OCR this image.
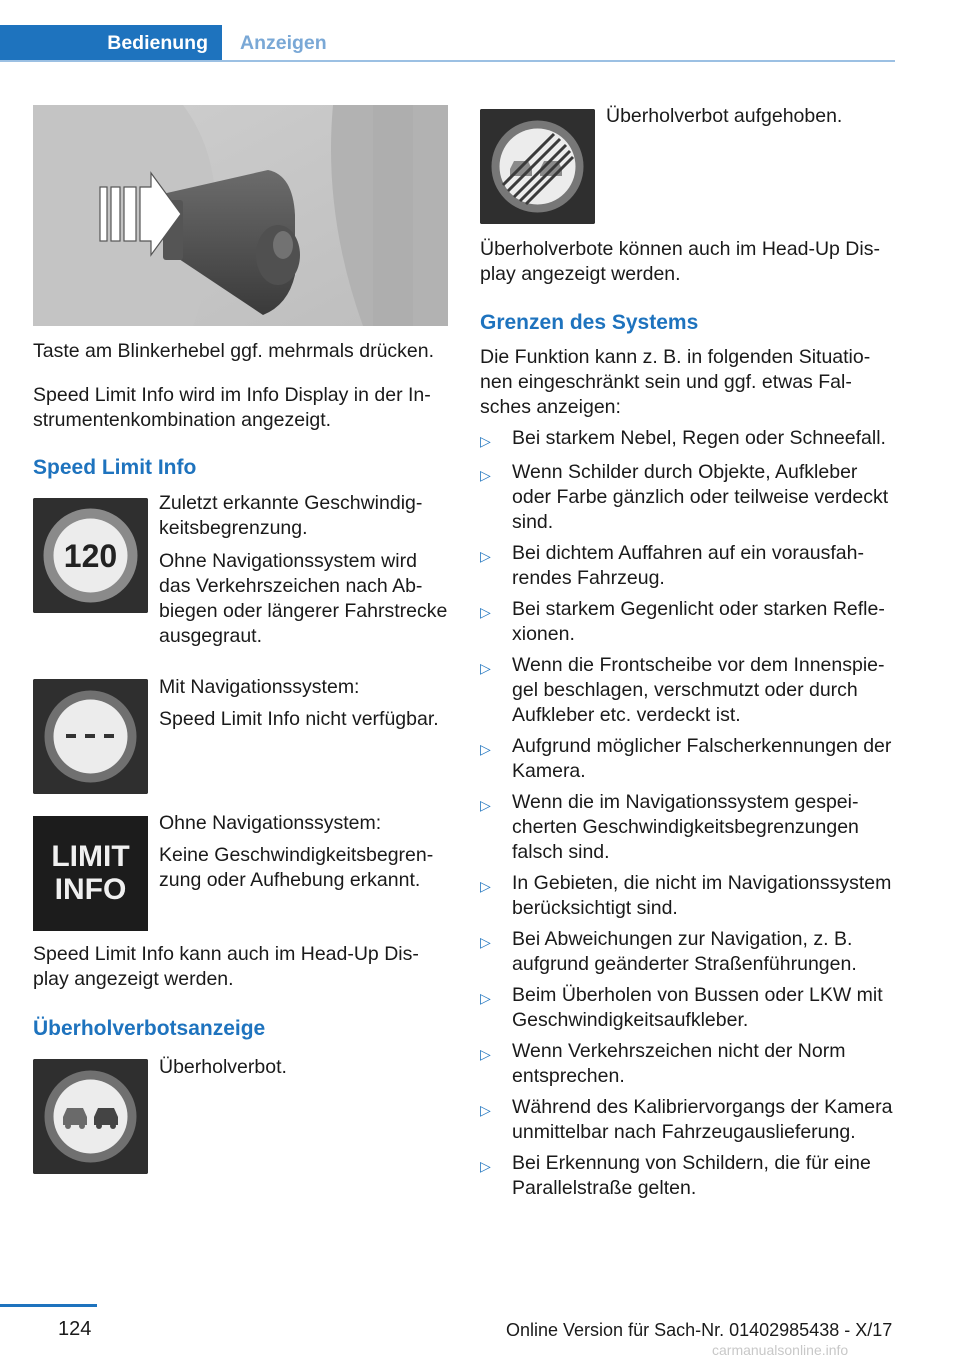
Bedienung	Anzeigen
Taste am Blinkerhebel ggf. mehrmals drücken.
Speed Limit Info wird im Info Display in der Instrumentenkombination angezeigt.
Speed Limit Info
120
Zuletzt erkannte Geschwindigkeitsbegrenzung.
Ohne Navigationssystem wird das Verkehrszeichen nach Abbiegen oder längerer Fahrstrecke ausgegraut.
Mit Navigationssystem:
Speed Limit Info nicht verfügbar.
LIMIT
INFO
Ohne Navigationssystem:
Keine Geschwindigkeitsbegrenzung oder Aufhebung erkannt.
Speed Limit Info kann auch im Head-Up Display angezeigt werden.
Überholverbotsanzeige
Überholverbot.
Überholverbot aufgehoben.
Überholverbote können auch im Head-Up Display angezeigt werden.
Grenzen des Systems
Die Funktion kann z. B. in folgenden Situationen eingeschränkt sein und ggf. etwas Falsches anzeigen:
▷	Bei starkem Nebel, Regen oder Schneefall.
▷	Wenn Schilder durch Objekte, Aufkleber oder Farbe gänzlich oder teilweise verdeckt sind.
▷	Bei dichtem Auffahren auf ein vorausfahrendes Fahrzeug.
▷	Bei starkem Gegenlicht oder starken Reflexionen.
▷	Wenn die Frontscheibe vor dem Innenspiegel beschlagen, verschmutzt oder durch Aufkleber etc. verdeckt ist.
▷	Aufgrund möglicher Falscherkennungen der Kamera.
▷	Wenn die im Navigationssystem gespeicherten Geschwindigkeitsbegrenzungen falsch sind.
▷	In Gebieten, die nicht im Navigationssystem berücksichtigt sind.
▷	Bei Abweichungen zur Navigation, z. B. aufgrund geänderter Straßenführungen.
▷	Beim Überholen von Bussen oder LKW mit Geschwindigkeitsaufkleber.
▷	Wenn Verkehrszeichen nicht der Norm entsprechen.
▷	Während des Kalibriervorgangs der Kamera unmittelbar nach Fahrzeugauslieferung.
▷	Bei Erkennung von Schildern, die für eine Parallelstraße gelten.
124	Online Version für Sach-Nr. 01402985438 - X/17
carmanualsonline.info
